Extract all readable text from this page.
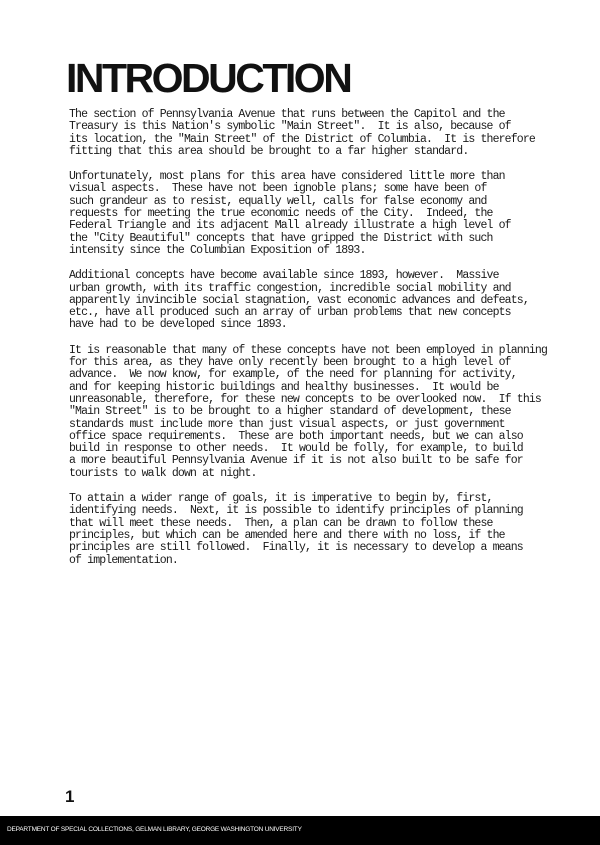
INTRODUCTION

The section of Pennsylvania Avenue that runs between the Capitol and the
Treasury is this Nation's symbolic "Main Street".  It is also, because of
its location, the "Main Street" of the District of Columbia.  It is therefore
fitting that this area should be brought to a far higher standard.

Unfortunately, most plans for this area have considered little more than
visual aspects.  These have not been ignoble plans; some have been of
such grandeur as to resist, equally well, calls for false economy and
requests for meeting the true economic needs of the City.  Indeed, the
Federal Triangle and its adjacent Mall already illustrate a high level of
the "City Beautiful" concepts that have gripped the District with such
intensity since the Columbian Exposition of 1893.

Additional concepts have become available since 1893, however.  Massive
urban growth, with its traffic congestion, incredible social mobility and
apparently invincible social stagnation, vast economic advances and defeats,
etc., have all produced such an array of urban problems that new concepts
have had to be developed since 1893.

It is reasonable that many of these concepts have not been employed in planning
for this area, as they have only recently been brought to a high level of
advance.  We now know, for example, of the need for planning for activity,
and for keeping historic buildings and healthy businesses.  It would be
unreasonable, therefore, for these new concepts to be overlooked now.  If this
"Main Street" is to be brought to a higher standard of development, these
standards must include more than just visual aspects, or just government
office space requirements.  These are both important needs, but we can also
build in response to other needs.  It would be folly, for example, to build
a more beautiful Pennsylvania Avenue if it is not also built to be safe for
tourists to walk down at night.

To attain a wider range of goals, it is imperative to begin by, first,
identifying needs.  Next, it is possible to identify principles of planning
that will meet these needs.  Then, a plan can be drawn to follow these
principles, but which can be amended here and there with no loss, if the
principles are still followed.  Finally, it is necessary to develop a means
of implementation.

1
DEPARTMENT OF SPECIAL COLLECTIONS, GELMAN LIBRARY, GEORGE WASHINGTON UNIVERSITY
